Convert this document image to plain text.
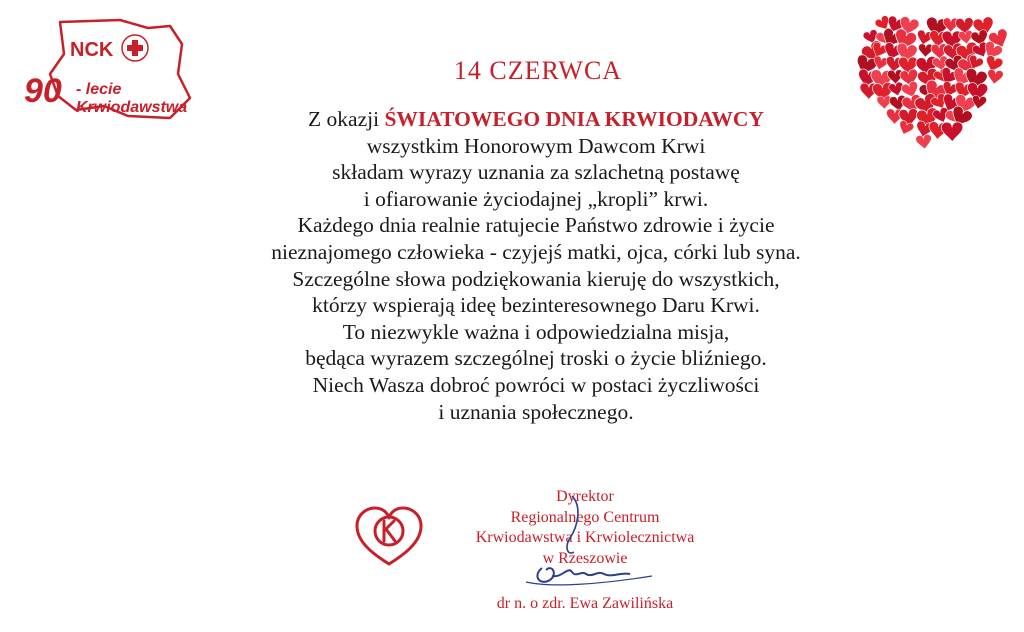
NCK
90 - lecie
Krwiodawstwa
14 CZERWCA
Z okazji ŚWIATOWEGO DNIA KRWIODAWCY
wszystkim Honorowym Dawcom Krwi
składam wyrazy uznania za szlachetną postawę
i ofiarowanie życiodajnej „kropli” krwi.
Każdego dnia realnie ratujecie Państwo zdrowie i życie
nieznajomego człowieka - czyjejś matki, ojca, córki lub syna.
Szczególne słowa podziękowania kieruję do wszystkich,
którzy wspierają ideę bezinteresownego Daru Krwi.
To niezwykle ważna i odpowiedzialna misja,
będąca wyrazem szczególnej troski o życie bliźniego.
Niech Wasza dobroć powróci w postaci życzliwości
i uznania społecznego.
Dyrektor
Regionalnego Centrum
Krwiodawstwa i Krwiolecznictwa
w Rzeszowie
dr n. o zdr. Ewa Zawilińska
